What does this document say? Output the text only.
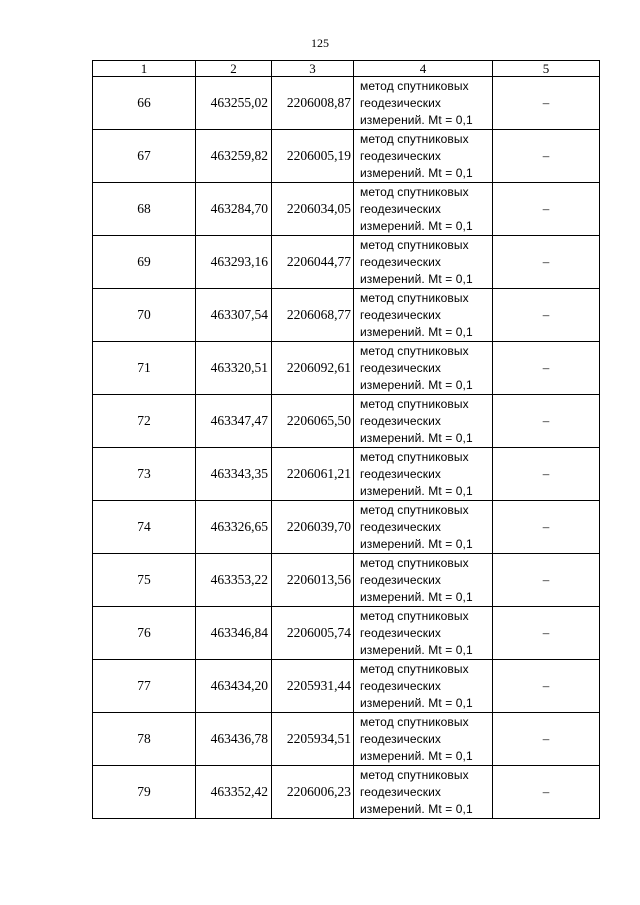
125
1	2	3	4	5
66	463255,02	2206008,87	метод спутниковых
геодезических
измерений. Mt = 0,1	–
67	463259,82	2206005,19	метод спутниковых
геодезических
измерений. Mt = 0,1	–
68	463284,70	2206034,05	метод спутниковых
геодезических
измерений. Mt = 0,1	–
69	463293,16	2206044,77	метод спутниковых
геодезических
измерений. Mt = 0,1	–
70	463307,54	2206068,77	метод спутниковых
геодезических
измерений. Mt = 0,1	–
71	463320,51	2206092,61	метод спутниковых
геодезических
измерений. Mt = 0,1	–
72	463347,47	2206065,50	метод спутниковых
геодезических
измерений. Mt = 0,1	–
73	463343,35	2206061,21	метод спутниковых
геодезических
измерений. Mt = 0,1	–
74	463326,65	2206039,70	метод спутниковых
геодезических
измерений. Mt = 0,1	–
75	463353,22	2206013,56	метод спутниковых
геодезических
измерений. Mt = 0,1	–
76	463346,84	2206005,74	метод спутниковых
геодезических
измерений. Mt = 0,1	–
77	463434,20	2205931,44	метод спутниковых
геодезических
измерений. Mt = 0,1	–
78	463436,78	2205934,51	метод спутниковых
геодезических
измерений. Mt = 0,1	–
79	463352,42	2206006,23	метод спутниковых
геодезических
измерений. Mt = 0,1	–
